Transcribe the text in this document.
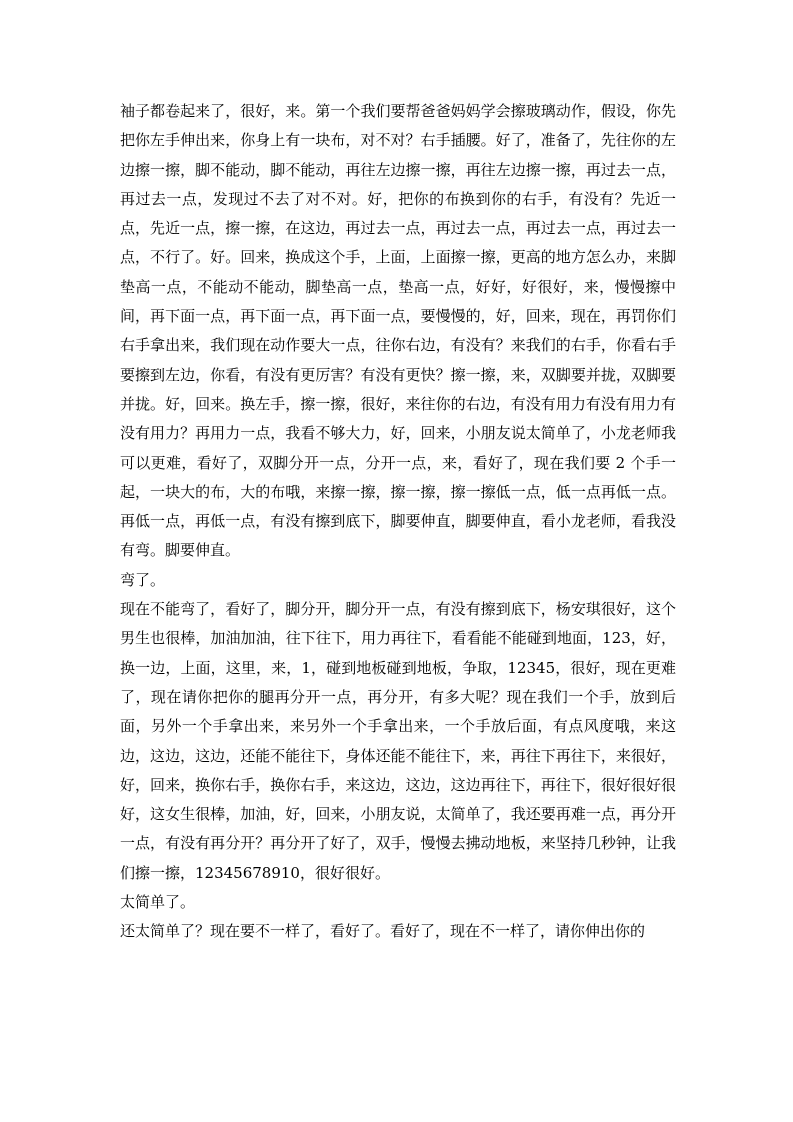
袖子都卷起来了，很好，来。第一个我们要帮爸爸妈妈学会擦玻璃动作，假设，你先把你左手伸出来，你身上有一块布，对不对？右手插腰。好了，准备了，先往你的左边擦一擦，脚不能动，脚不能动，再往左边擦一擦，再往左边擦一擦，再过去一点，再过去一点，发现过不去了对不对。好，把你的布换到你的右手，有没有？先近一点，先近一点，擦一擦，在这边，再过去一点，再过去一点，再过去一点，再过去一点，不行了。好。回来，换成这个手，上面，上面擦一擦，更高的地方怎么办，来脚垫高一点，不能动不能动，脚垫高一点，垫高一点，好好，好很好，来，慢慢擦中间，再下面一点，再下面一点，再下面一点，要慢慢的，好，回来，现在，再罚你们右手拿出来，我们现在动作要大一点，往你右边，有没有？来我们的右手，你看右手要擦到左边，你看，有没有更厉害？有没有更快？擦一擦，来，双脚要并拢，双脚要并拢。好，回来。换左手，擦一擦，很好，来往你的右边，有没有用力有没有用力有没有用力？再用力一点，我看不够大力，好，回来，小朋友说太简单了，小龙老师我可以更难，看好了，双脚分开一点，分开一点，来，看好了，现在我们要 2 个手一起，一块大的布，大的布哦，来擦一擦，擦一擦，擦一擦低一点，低一点再低一点。再低一点，再低一点，有没有擦到底下，脚要伸直，脚要伸直，看小龙老师，看我没有弯。脚要伸直。

弯了。

现在不能弯了，看好了，脚分开，脚分开一点，有没有擦到底下，杨安琪很好，这个男生也很棒，加油加油，往下往下，用力再往下，看看能不能碰到地面，123，好，换一边，上面，这里，来，1，碰到地板碰到地板，争取，12345，很好，现在更难了，现在请你把你的腿再分开一点，再分开，有多大呢？现在我们一个手，放到后面，另外一个手拿出来，来另外一个手拿出来，一个手放后面，有点风度哦，来这边，这边，这边，还能不能往下，身体还能不能往下，来，再往下再往下，来很好，好，回来，换你右手，换你右手，来这边，这边，这边再往下，再往下，很好很好很好，这女生很棒，加油，好，回来，小朋友说，太简单了，我还要再难一点，再分开一点，有没有再分开？再分开了好了，双手，慢慢去拂动地板，来坚持几秒钟，让我们擦一擦，12345678910，很好很好。

太简单了。

还太简单了？现在要不一样了，看好了。看好了，现在不一样了，请你伸出你的
